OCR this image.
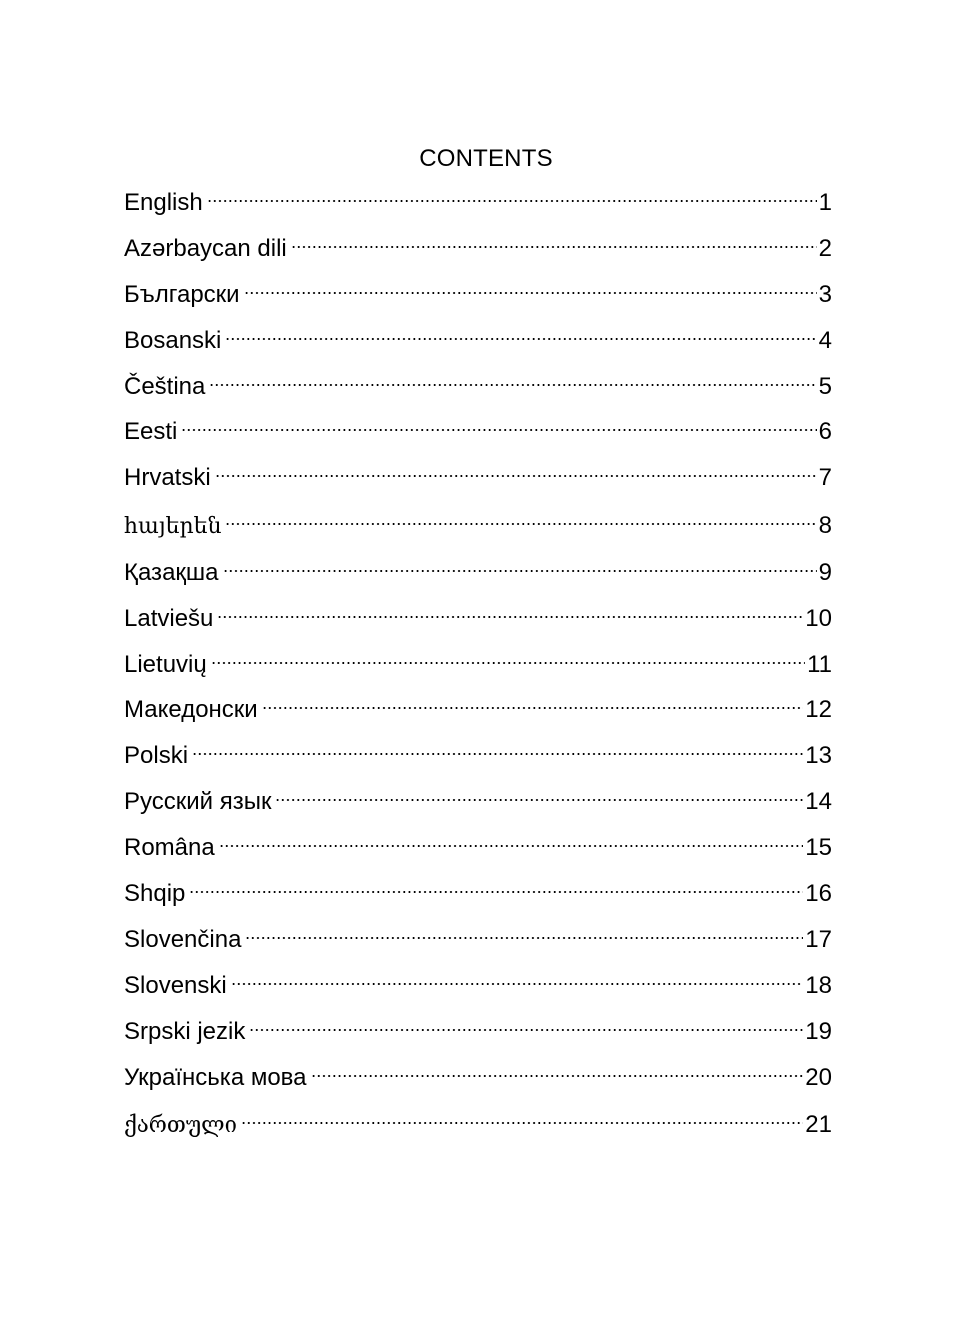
CONTENTS
English	1
Azərbaycan dili	2
Български	3
Bosanski	4
Čeština	5
Eesti	6
Hrvatski	7
հայերեն	8
Қазақша	9
Latviešu	10
Lietuvių	11
Македонски	12
Polski	13
Русский язык	14
Româna	15
Shqip	16
Slovenčina	17
Slovenski	18
Srpski jezik	19
Українська мова	20
ქართული	21
